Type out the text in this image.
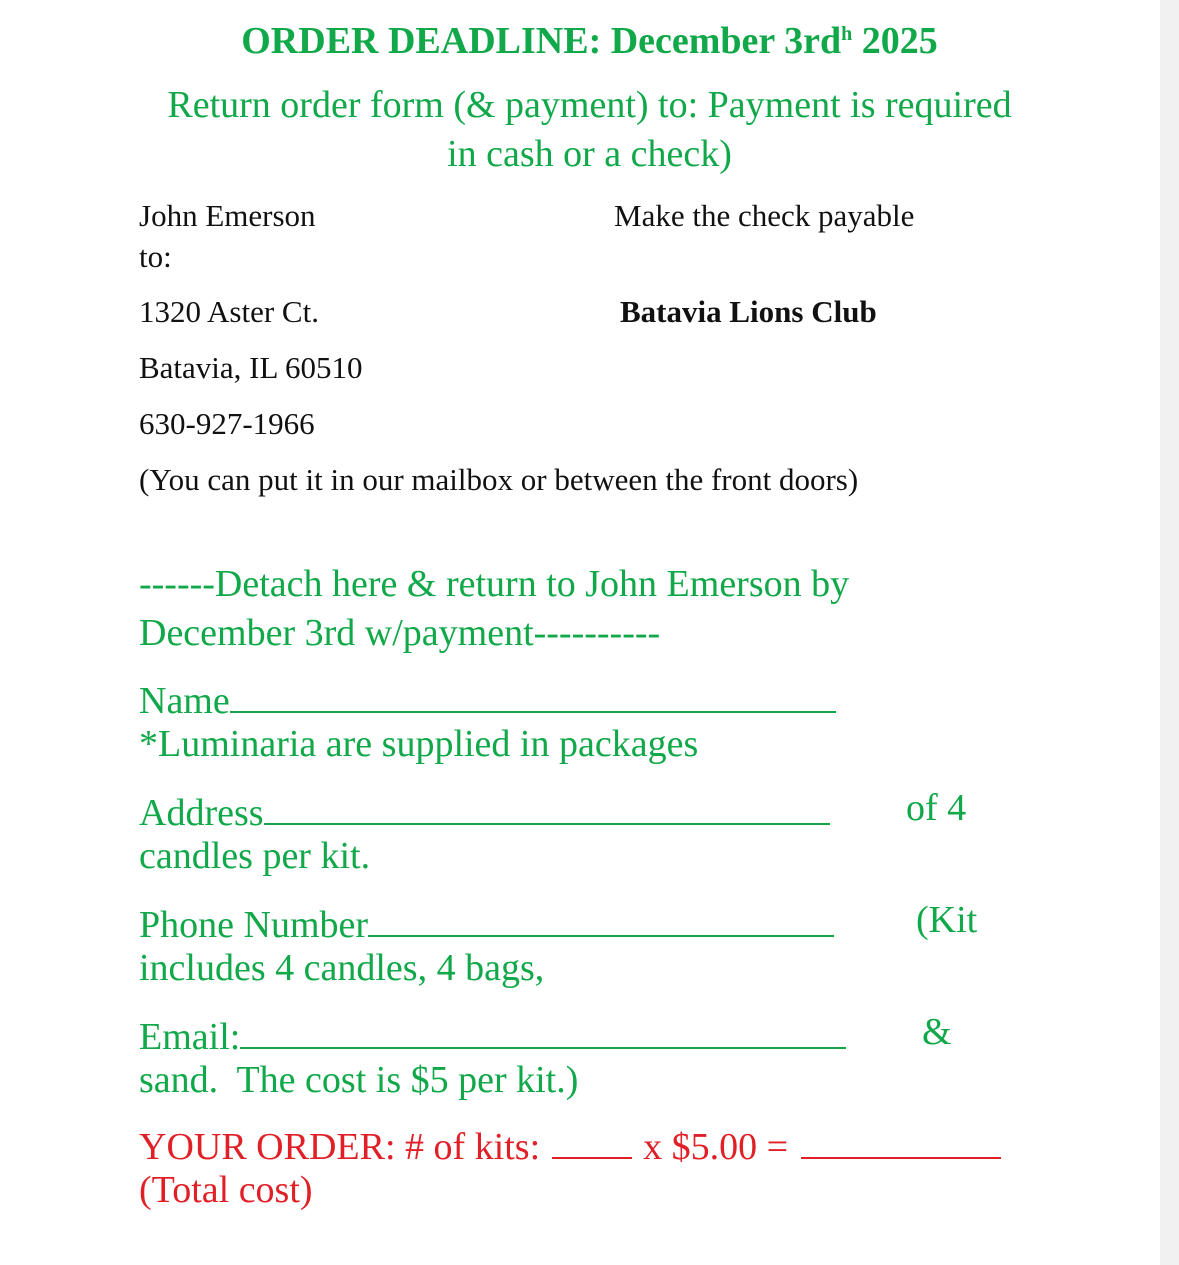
ORDER DEADLINE: December $3rd^h$ 2025
Return order form (& payment) to: Payment is required
in cash or a check)
John Emerson	Make the check payable
to:
1320 Aster Ct.	Batavia Lions Club
Batavia, IL 60510
630-927-1966
(You can put it in our mailbox or between the front doors)
------Detach here & return to John Emerson by
December 3rd w/payment----------
Name
*Luminaria are supplied in packages
Address	of 4
candles per kit.
Phone Number	(Kit
includes 4 candles, 4 bags,
Email:	&
sand.  The cost is $5 per kit.)
YOUR ORDER: # of kits:	x $5.00 =
(Total cost)
